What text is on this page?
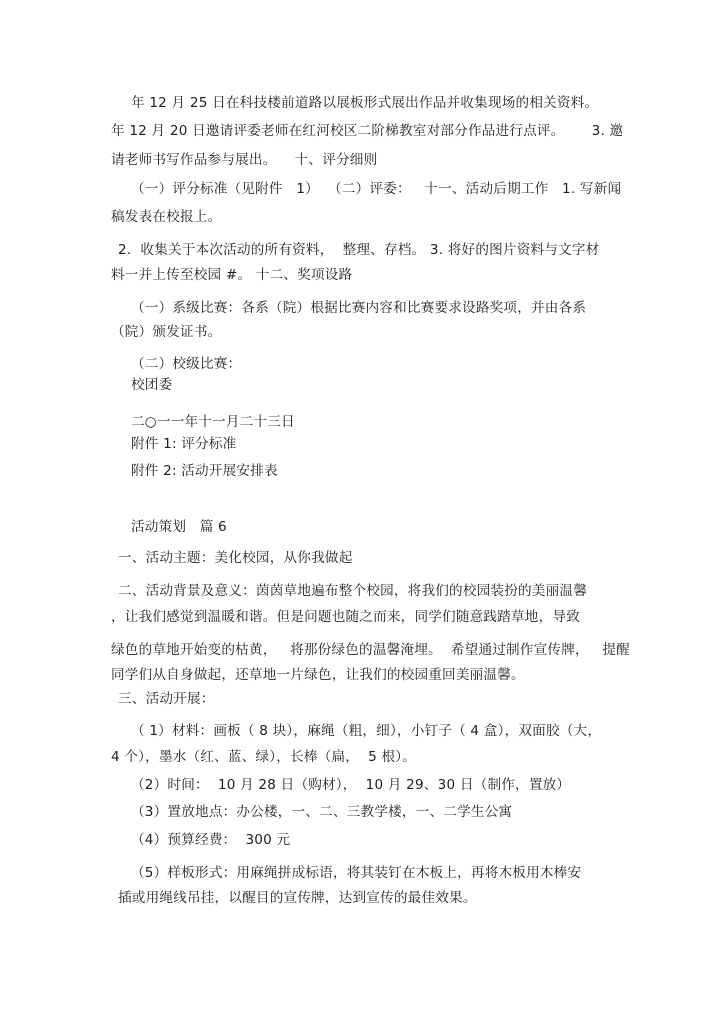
年 12 月 25 日在科技楼前道路以展板形式展出作品并收集现场的相关资料。
年 12 月 20 日邀请评委老师在红河校区二阶梯教室对部分作品进行点评。      3. 邀
请老师书写作品参与展出。    十、评分细则
（一）评分标准（见附件   1）  （二）评委：   十一、活动后期工作   1. 写新闻
稿发表在校报上。
2.  收集关于本次活动的所有资料，  整理、存档。 3. 将好的图片资料与文字材
料一并上传至校园 #。 十二、奖项设路
（一）系级比赛：各系（院）根据比赛内容和比赛要求设路奖项，并由各系
（院）颁发证书。
（二）校级比赛：
校团委
二○一一年十一月二十三日
附件 1: 评分标准
附件 2: 活动开展安排表
活动策划   篇 6
一、活动主题：美化校园，从你我做起
二、活动背景及意义：茵茵草地遍布整个校园，将我们的校园装扮的美丽温馨
，让我们感觉到温暖和谐。但是问题也随之而来，同学们随意践踏草地，导致
绿色的草地开始变的枯黄，   将那份绿色的温馨淹埋。  希望通过制作宣传牌，   提醒
同学们从自身做起，还草地一片绿色，让我们的校园重回美丽温馨。
三、活动开展：
（ 1）材料：画板（ 8 块），麻绳（粗，细），小钉子（ 4 盒），双面胶（大，
4 个），墨水（红、蓝、绿），长棒（扁，  5 根）。
（2）时间：  10 月 28 日（购材），  10 月 29、30 日（制作，置放）
（3）置放地点：办公楼，一、二、三教学楼，一、二学生公寓
（4）预算经费：  300 元
（5）样板形式：用麻绳拼成标语，将其装钉在木板上，再将木板用木棒安
插或用绳线吊挂，以醒目的宣传牌，达到宣传的最佳效果。
